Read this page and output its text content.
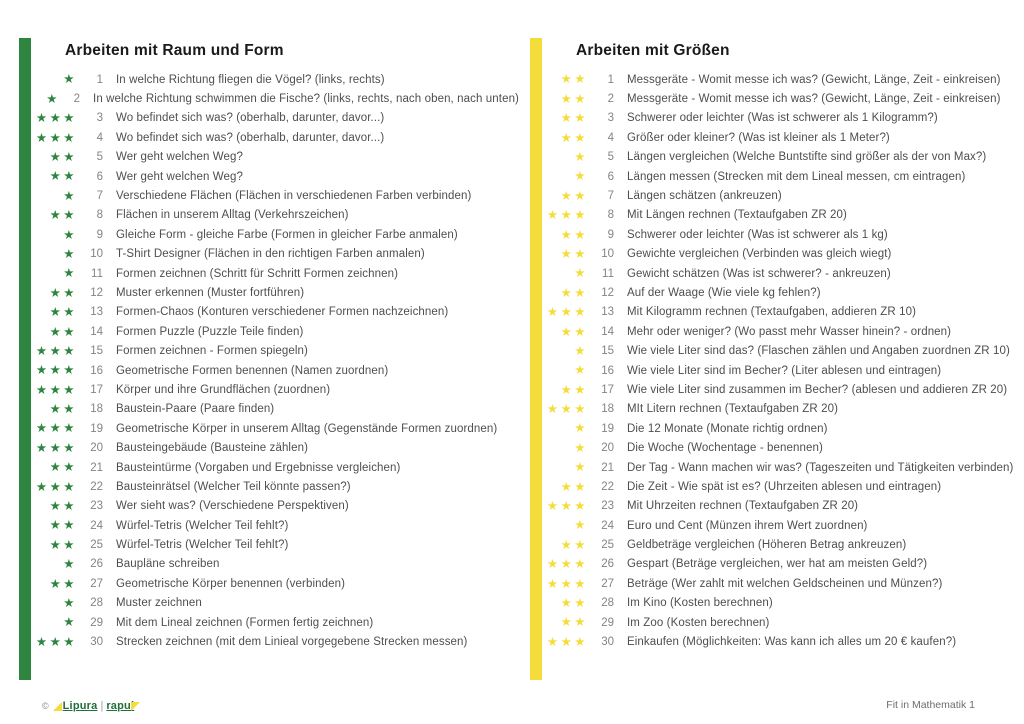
Arbeiten mit Raum und Form
★	1 In welche Richtung fliegen die Vögel? (links, rechts)
★	2 In welche Richtung schwimmen die Fische? (links, rechts, nach oben, nach unten)
★★★	3 Wo befindet sich was? (oberhalb, darunter, davor...)
★★★	4 Wo befindet sich was? (oberhalb, darunter, davor...)
★★	5 Wer geht welchen Weg?
★★	6 Wer geht welchen Weg?
★	7 Verschiedene Flächen (Flächen in verschiedenen Farben verbinden)
★★	8 Flächen in unserem Alltag (Verkehrszeichen)
★	9 Gleiche Form - gleiche Farbe (Formen in gleicher Farbe anmalen)
★	10 T-Shirt Designer (Flächen in den richtigen Farben anmalen)
★	11 Formen zeichnen (Schritt für Schritt Formen zeichnen)
★★	12 Muster erkennen (Muster fortführen)
★★	13 Formen-Chaos (Konturen verschiedener Formen nachzeichnen)
★★	14 Formen Puzzle (Puzzle Teile finden)
★★★	15 Formen zeichnen - Formen spiegeln)
★★★	16 Geometrische Formen benennen (Namen zuordnen)
★★★	17 Körper und ihre Grundflächen (zuordnen)
★★	18 Baustein-Paare (Paare finden)
★★★	19 Geometrische Körper in unserem Alltag (Gegenstände Formen zuordnen)
★★★	20 Bausteingebäude (Bausteine zählen)
★★	21 Bausteintürme (Vorgaben und Ergebnisse vergleichen)
★★★	22 Bausteinrätsel (Welcher Teil könnte passen?)
★★	23 Wer sieht was? (Verschiedene Perspektiven)
★★	24 Würfel-Tetris (Welcher Teil fehlt?)
★★	25 Würfel-Tetris (Welcher Teil fehlt?)
★	26 Baupläne schreiben
★★	27 Geometrische Körper benennen (verbinden)
★	28 Muster zeichnen
★	29 Mit dem Lineal zeichnen (Formen fertig zeichnen)
★★★	30 Strecken zeichnen (mit dem Linieal vorgegebene Strecken messen)
Arbeiten mit Größen
★★	1 Messgeräte - Womit messe ich was? (Gewicht, Länge, Zeit - einkreisen)
★★	2 Messgeräte - Womit messe ich was? (Gewicht, Länge, Zeit - einkreisen)
★★	3 Schwerer oder leichter (Was ist schwerer als 1 Kilogramm?)
★★	4 Größer oder kleiner? (Was ist kleiner als 1 Meter?)
★	5 Längen vergleichen (Welche Buntstifte sind größer als der von Max?)
★	6 Längen messen (Strecken mit dem Lineal messen, cm eintragen)
★★	7 Längen schätzen (ankreuzen)
★★★	8 Mit Längen rechnen (Textaufgaben ZR 20)
★★	9 Schwerer oder leichter (Was ist schwerer als 1 kg)
★★	10 Gewichte vergleichen (Verbinden was gleich wiegt)
★	11 Gewicht schätzen (Was ist schwerer? - ankreuzen)
★★	12 Auf der Waage (Wie viele kg fehlen?)
★★★	13 Mit Kilogramm rechnen (Textaufgaben, addieren ZR 10)
★★	14 Mehr oder weniger? (Wo passt mehr Wasser hinein? - ordnen)
★	15 Wie viele Liter sind das? (Flaschen zählen und Angaben zuordnen ZR 10)
★	16 Wie viele Liter sind im Becher? (Liter ablesen und eintragen)
★★	17 Wie viele Liter sind zusammen im Becher? (ablesen und addieren ZR 20)
★★★	18 MIt Litern rechnen (Textaufgaben ZR 20)
★	19 Die 12 Monate (Monate richtig ordnen)
★	20 Die Woche (Wochentage - benennen)
★	21 Der Tag - Wann machen wir was? (Tageszeiten und Tätigkeiten verbinden)
★★	22 Die Zeit - Wie spät ist es? (Uhrzeiten ablesen und eintragen)
★★★	23 Mit Uhrzeiten rechnen (Textaufgaben ZR 20)
★	24 Euro und Cent (Münzen ihrem Wert zuordnen)
★★	25 Geldbeträge vergleichen (Höheren Betrag ankreuzen)
★★★	26 Gespart (Beträge vergleichen, wer hat am meisten Geld?)
★★★	27 Beträge (Wer zahlt mit welchen Geldscheinen und Münzen?)
★★	28 Im Kino (Kosten berechnen)
★★	29 Im Zoo (Kosten berechnen)
★★★	30 Einkaufen (Möglichkeiten: Was kann ich alles um 20 € kaufen?)
© Lipura | rapul	Fit in Mathematik 1
